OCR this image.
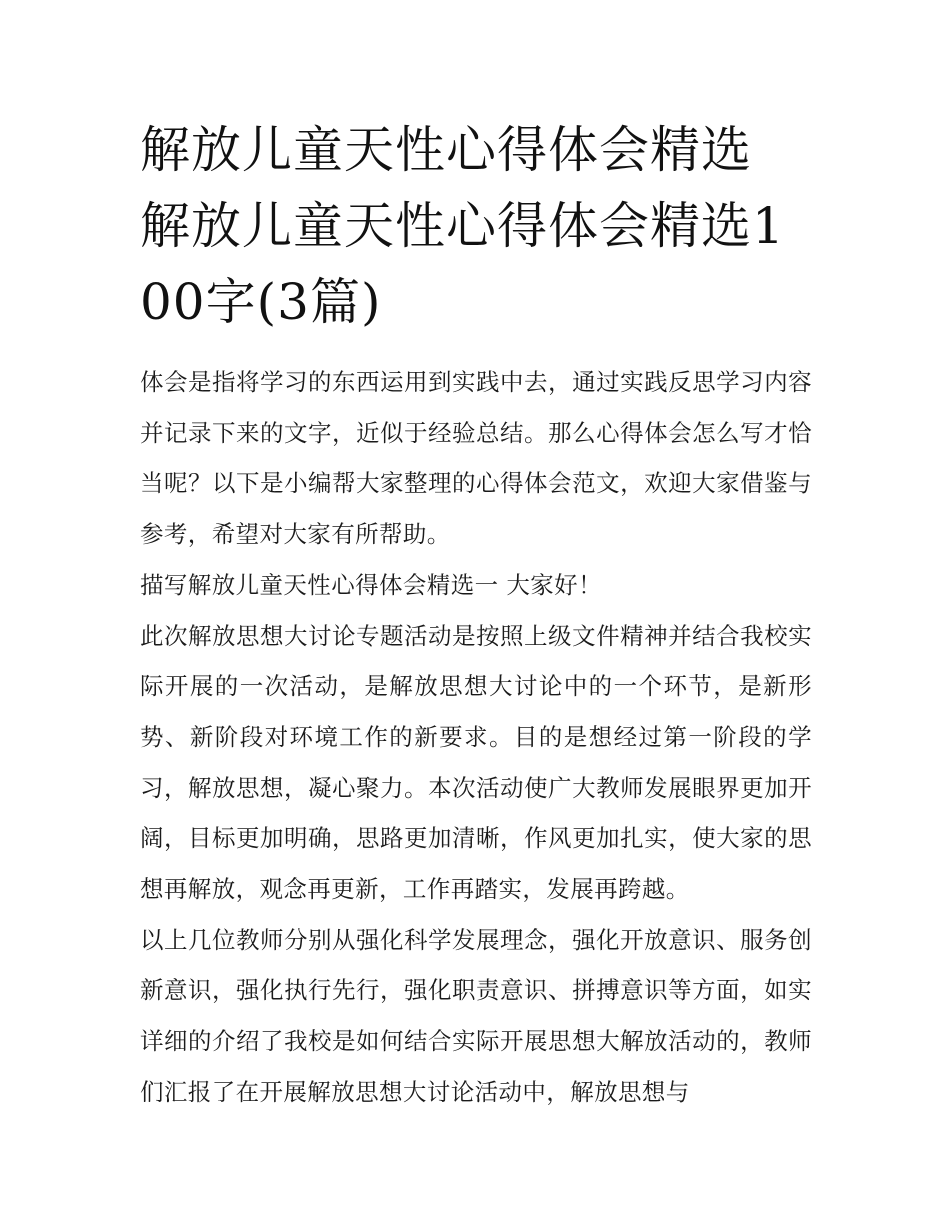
解放儿童天性心得体会精选 解放儿童天性心得体会精选100字(3篇)

体会是指将学习的东西运用到实践中去，通过实践反思学习内容并记录下来的文字，近似于经验总结。那么心得体会怎么写才恰当呢？以下是小编帮大家整理的心得体会范文，欢迎大家借鉴与参考，希望对大家有所帮助。

描写解放儿童天性心得体会精选一 大家好！

此次解放思想大讨论专题活动是按照上级文件精神并结合我校实际开展的一次活动，是解放思想大讨论中的一个环节，是新形势、新阶段对环境工作的新要求。目的是想经过第一阶段的学习，解放思想，凝心聚力。本次活动使广大教师发展眼界更加开阔，目标更加明确，思路更加清晰，作风更加扎实，使大家的思想再解放，观念再更新，工作再踏实，发展再跨越。

以上几位教师分别从强化科学发展理念，强化开放意识、服务创新意识，强化执行先行，强化职责意识、拼搏意识等方面，如实详细的介绍了我校是如何结合实际开展思想大解放活动的，教师们汇报了在开展解放思想大讨论活动中，解放思想与
